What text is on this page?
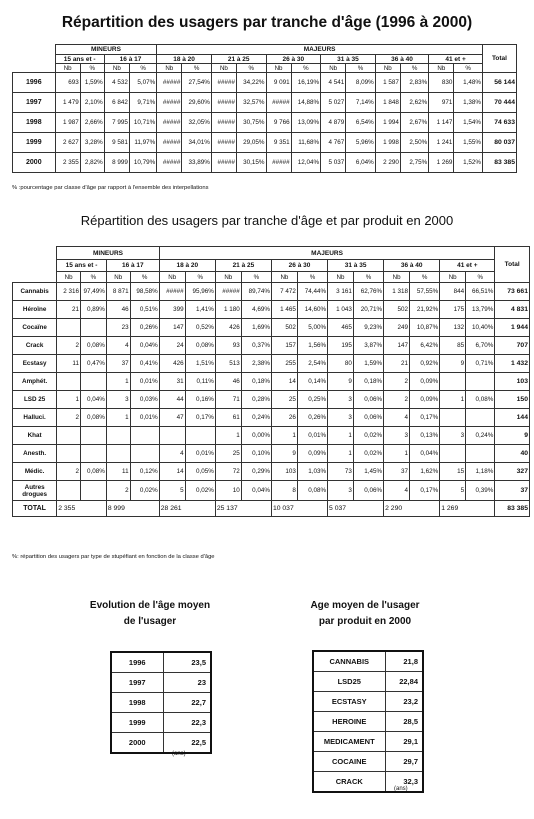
Répartition des usagers par tranche d'âge (1996 à 2000)
	MINEURS				MAJEURS												Total
	15 ans et -		16 à 17		18 à 20		21 à 25		26 à 30		31 à 35		36 à 40		41 et +		
	Nb	%	Nb	%	Nb	%	Nb	%	Nb	%	Nb	%	Nb	%	Nb	%	
1996	693	1,59%	4 532	5,07%	#####	27,54%	#####	34,22%	9 091	16,19%	4 541	8,09%	1 587	2,83%	830	1,48%	56 144
1997	1 479	2,10%	6 842	9,71%	#####	29,60%	#####	32,57%	#####	14,88%	5 027	7,14%	1 848	2,62%	971	1,38%	70 444
1998	1 987	2,66%	7 995	10,71%	#####	32,05%	#####	30,75%	9 766	13,09%	4 879	6,54%	1 994	2,67%	1 147	1,54%	74 633
1999	2 627	3,28%	9 581	11,97%	#####	34,01%	#####	29,05%	9 351	11,68%	4 767	5,96%	1 998	2,50%	1 241	1,55%	80 037
2000	2 355	2,82%	8 999	10,79%	#####	33,89%	#####	30,15%	#####	12,04%	5 037	6,04%	2 290	2,75%	1 269	1,52%	83 385
% :pourcentage par classe d'âge par rapport à l'ensemble des interpellations
Répartition des usagers par tranche d'âge et par produit en 2000
	MINEURS				MAJEURS												Total
	15 ans et -		16 à 17		18 à 20		21 à 25		26 à 30		31 à 35		36 à 40		41 et +		
	Nb	%	Nb	%	Nb	%	Nb	%	Nb	%	Nb	%	Nb	%	Nb	%	
Cannabis	2 316	97,49%	8 871	98,58%	#####	95,96%	#####	89,74%	7 472	74,44%	3 161	62,76%	1 318	57,55%	844	66,51%	73 661
Héroïne	21	0,89%	46	0,51%	399	1,41%	1 180	4,69%	1 465	14,60%	1 043	20,71%	502	21,92%	175	13,79%	4 831
Cocaïne			23	0,26%	147	0,52%	426	1,69%	502	5,00%	465	9,23%	249	10,87%	132	10,40%	1 944
Crack	2	0,08%	4	0,04%	24	0,08%	93	0,37%	157	1,56%	195	3,87%	147	6,42%	85	6,70%	707
Ecstasy	11	0,47%	37	0,41%	426	1,51%	513	2,38%	255	2,54%	80	1,59%	21	0,92%	9	0,71%	1 432
Amphét.			1	0,01%	31	0,11%	46	0,18%	14	0,14%	9	0,18%	2	0,09%			103
LSD 25	1	0,04%	3	0,03%	44	0,16%	71	0,28%	25	0,25%	3	0,06%	2	0,09%	1	0,08%	150
Halluci.	2	0,08%	1	0,01%	47	0,17%	61	0,24%	26	0,26%	3	0,06%	4	0,17%			144
Khat							1	0,00%	1	0,01%	1	0,02%	3	0,13%	3	0,24%	9
Anesth.					4	0,01%	25	0,10%	9	0,09%	1	0,02%	1	0,04%			40
Médic.	2	0,08%	11	0,12%	14	0,05%	72	0,29%	103	1,03%	73	1,45%	37	1,62%	15	1,18%	327
Autres drogues			2	0,02%	5	0,02%	10	0,04%	8	0,08%	3	0,06%	4	0,17%	5	0,39%	37
TOTAL	2 355		8 999		28 261		25 137		10 037		5 037		2 290		1 269		83 385
%: répartition des usagers par type de stupéfiant en fonction de la classe d'âge
Evolution de l'âge moyen
de l'usager
1996	23,5
1997	23
1998	22,7
1999	22,3
2000	22,5
(ans)
Age moyen de l'usager
par produit en 2000
CANNABIS	21,8
LSD25	22,84
ECSTASY	23,2
HEROINE	28,5
MEDICAMENT	29,1
COCAINE	29,7
CRACK	32,3
(ans)
